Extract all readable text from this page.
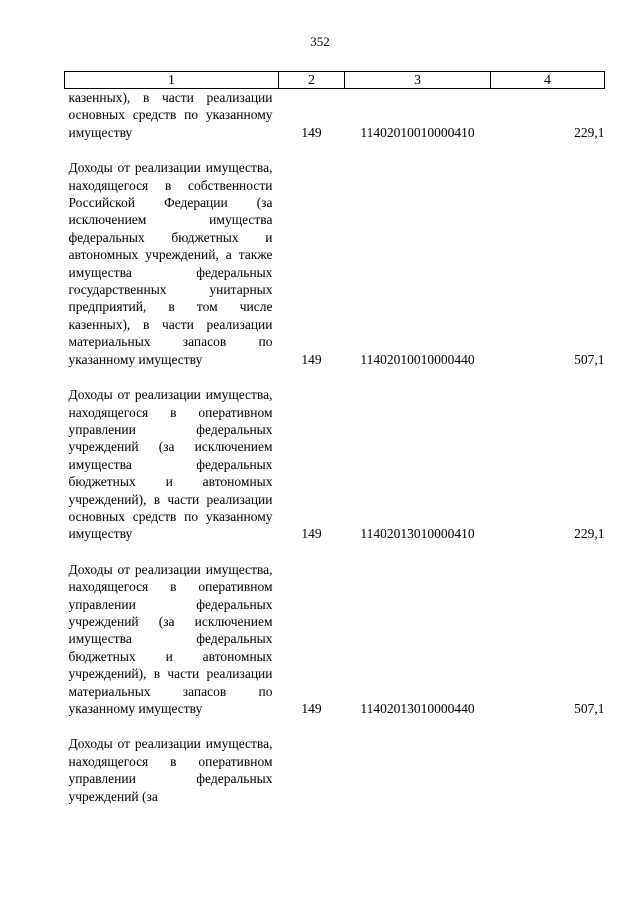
352
1	2	3	4
казенных), в части реализации основных средств по указанному имуществу	149	11402010010000410	229,1
Доходы от реализации имущества, находящегося в собственности Российской Федерации (за исключением имущества федеральных бюджетных и автономных учреждений, а также имущества федеральных государственных унитарных предприятий, в том числе казенных), в части реализации материальных запасов по указанному имуществу	149	11402010010000440	507,1
Доходы от реализации имущества, находящегося в оперативном управлении федеральных учреждений (за исключением имущества федеральных бюджетных и автономных учреждений), в части реализации основных средств по указанному имуществу	149	11402013010000410	229,1
Доходы от реализации имущества, находящегося в оперативном управлении федеральных учреждений (за исключением имущества федеральных бюджетных и автономных учреждений), в части реализации материальных запасов по указанному имуществу	149	11402013010000440	507,1
Доходы от реализации имущества, находящегося в оперативном управлении федеральных учреждений (за			
